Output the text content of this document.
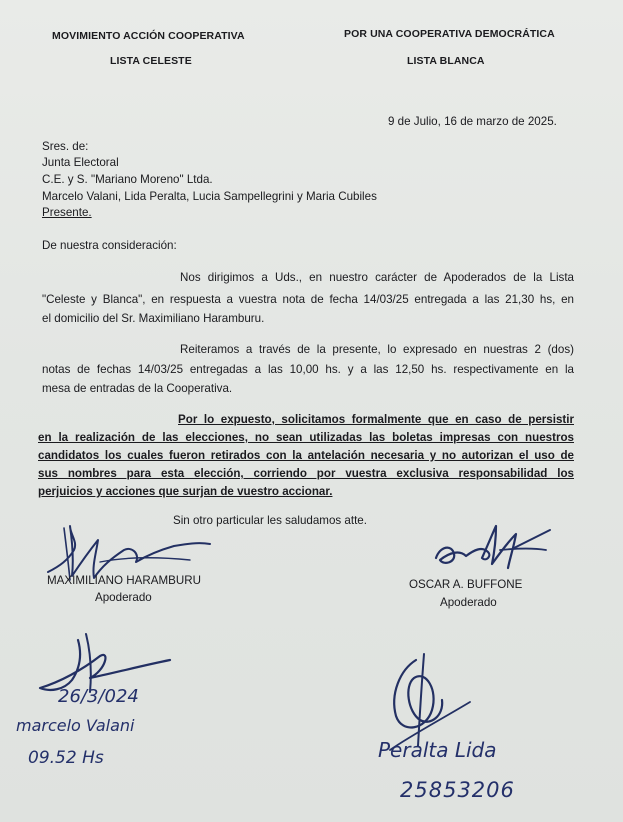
MOVIMIENTO ACCIÓN COOPERATIVA
LISTA CELESTE
POR UNA COOPERATIVA DEMOCRÁTICA
LISTA BLANCA
9 de Julio, 16 de marzo de 2025.
Sres. de:
Junta Electoral
C.E. y S. "Mariano Moreno" Ltda.
Marcelo Valani, Lida Peralta, Lucia Sampellegrini y Maria Cubiles
Presente.
De nuestra consideración:
Nos dirigimos a Uds., en nuestro carácter de Apoderados de la Lista
"Celeste y Blanca", en respuesta a vuestra nota de fecha 14/03/25 entregada a las 21,30 hs, en
el domicilio del Sr. Maximiliano Haramburu.
Reiteramos a través de la presente, lo expresado en nuestras 2 (dos)
notas de fechas 14/03/25 entregadas a las 10,00 hs. y a las 12,50 hs. respectivamente en la
mesa de entradas de la Cooperativa.
Por lo expuesto, solicitamos formalmente que en caso de persistir
en la realización de las elecciones, no sean utilizadas las boletas impresas con nuestros
candidatos los cuales fueron retirados con la antelación necesaria y no autorizan el uso de
sus nombres para esta elección, corriendo por vuestra exclusiva responsabilidad los
perjuicios y acciones que surjan de vuestro accionar.
Sin otro particular les saludamos atte.
MAXIMILIANO HARAMBURU
Apoderado
OSCAR A. BUFFONE
Apoderado
26/3/024
marcelo Valani
09.52 Hs	Peralta Lida
25853206
